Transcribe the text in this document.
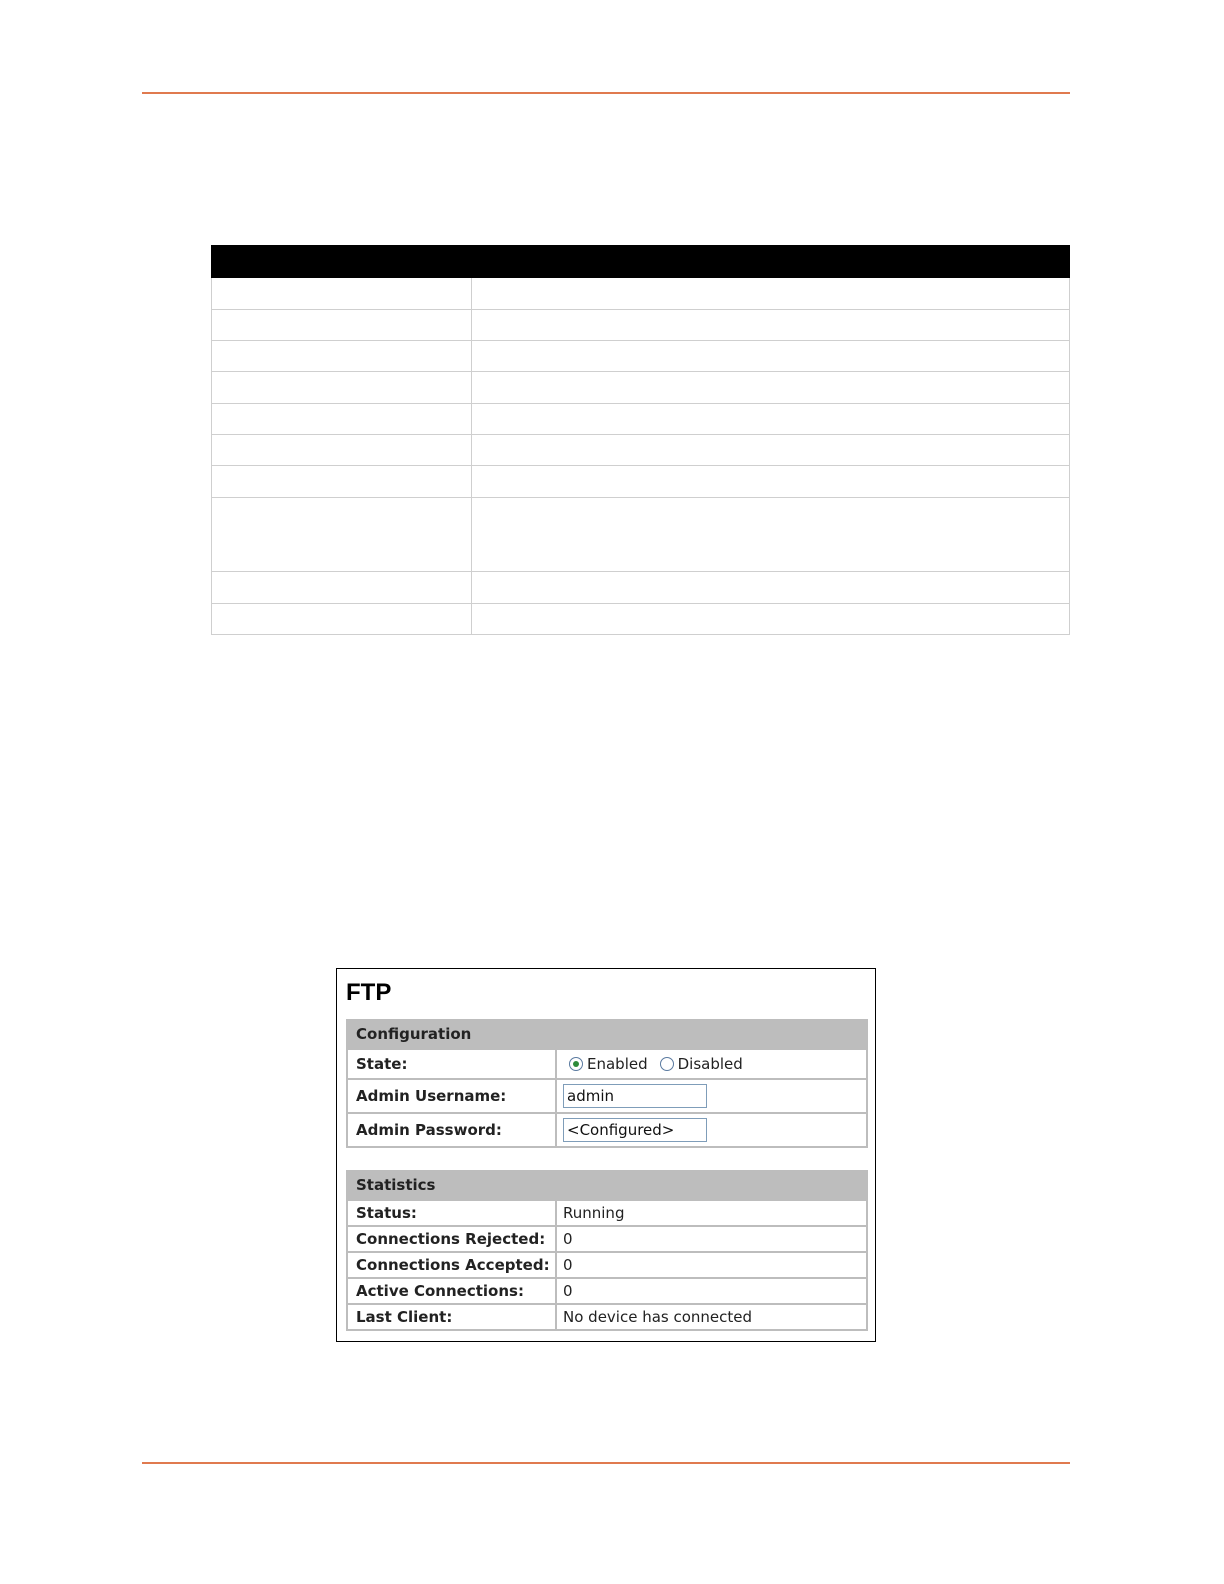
FTP
Configuration
State:	Enabled Disabled
Admin Username:	admin
Admin Password:	<Configured>
Statistics
Status:	Running
Connections Rejected:	0
Connections Accepted: 0
Active Connections:	0
Last Client:	No device has connected
